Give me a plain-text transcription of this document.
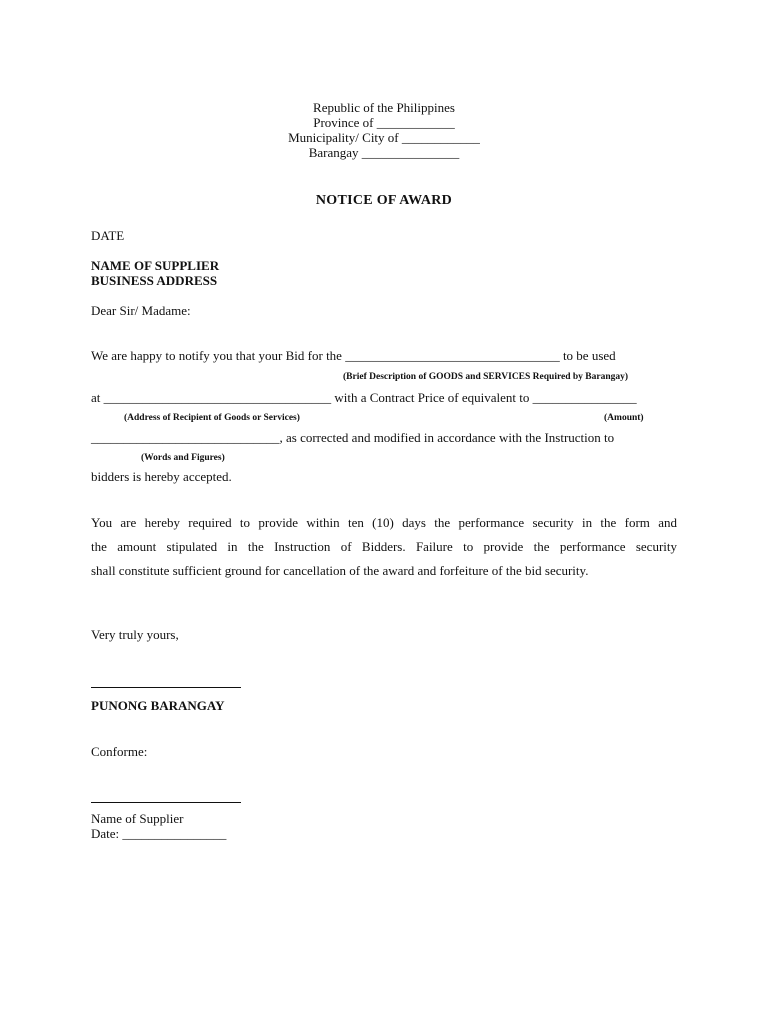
Republic of the Philippines
Province of ____________
Municipality/ City of ____________
Barangay _______________
NOTICE OF AWARD
DATE
NAME OF SUPPLIER
BUSINESS ADDRESS
Dear Sir/ Madame:
We are happy to notify you that your Bid for the _________________________________ to be used
(Brief Description of GOODS and SERVICES Required by Barangay)
at ___________________________________ with a Contract Price of equivalent to ________________
(Address of Recipient of Goods or Services)	(Amount)
_____________________________, as corrected and modified in accordance with the Instruction to
(Words and Figures)
bidders is hereby accepted.
You are hereby required to provide within ten (10) days the performance security in the form and
the amount stipulated in the Instruction of Bidders. Failure to provide the performance security
shall constitute sufficient ground for cancellation of the award and forfeiture of the bid security.
Very truly yours,
PUNONG BARANGAY
Conforme:
Name of Supplier
Date: ________________
